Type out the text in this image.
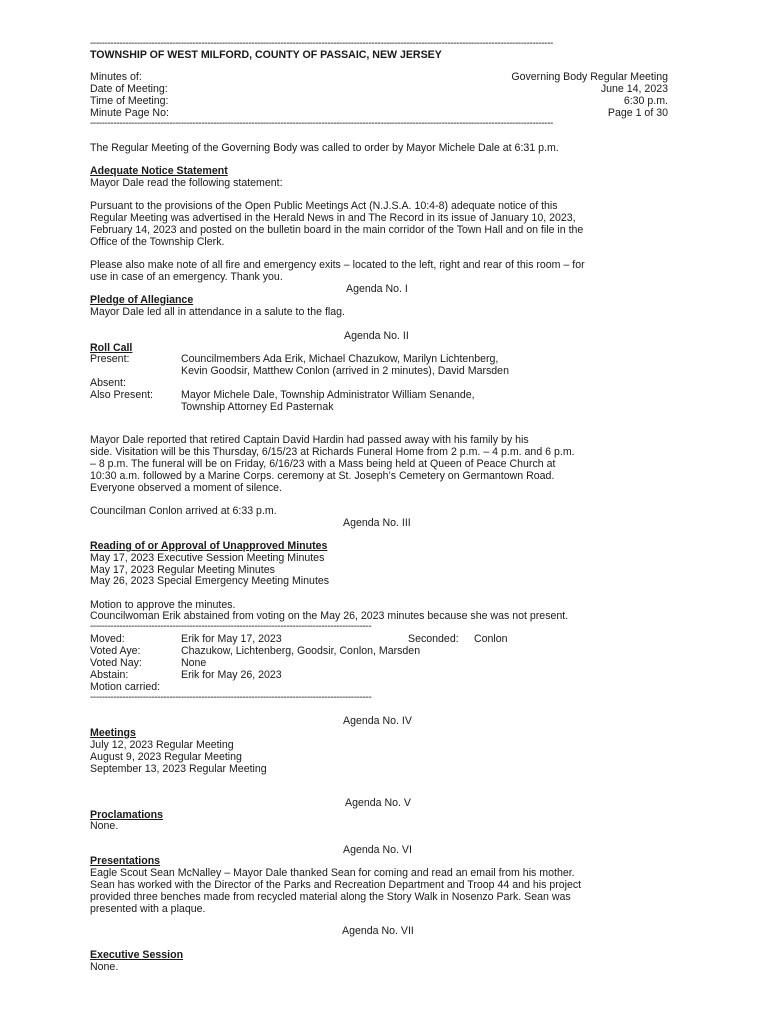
--------------------------------------------------------------------------------------------------------------------------------------------------------------
TOWNSHIP OF WEST MILFORD, COUNTY OF PASSAIC, NEW JERSEY
Minutes of:	Governing Body Regular Meeting
Date of Meeting:	June 14, 2023
Time of Meeting:	6:30 p.m.
Minute Page No:	Page 1 of 30
--------------------------------------------------------------------------------------------------------------------------------------------------------------
The Regular Meeting of the Governing Body was called to order by Mayor Michele Dale at 6:31 p.m.
Adequate Notice Statement
Mayor Dale read the following statement:
Pursuant to the provisions of the Open Public Meetings Act (N.J.S.A. 10:4-8) adequate notice of this
Regular Meeting was advertised in the Herald News in and The Record in its issue of January 10, 2023,
February 14, 2023 and posted on the bulletin board in the main corridor of the Town Hall and on file in the
Office of the Township Clerk.
Please also make note of all fire and emergency exits – located to the left, right and rear of this room – for
use in case of an emergency. Thank you.
Agenda No. I
Pledge of Allegiance
Mayor Dale led all in attendance in a salute to the flag.
Agenda No. II
Roll Call
Present:	Councilmembers Ada Erik, Michael Chazukow, Marilyn Lichtenberg,
Kevin Goodsir, Matthew Conlon (arrived in 2 minutes), David Marsden
Absent:
Also Present:	Mayor Michele Dale, Township Administrator William Senande,
Township Attorney Ed Pasternak
Mayor Dale reported that retired Captain David Hardin had passed away with his family by his
side. Visitation will be this Thursday, 6/15/23 at Richards Funeral Home from 2 p.m. – 4 p.m. and 6 p.m.
– 8 p.m. The funeral will be on Friday, 6/16/23 with a Mass being held at Queen of Peace Church at
10:30 a.m. followed by a Marine Corps. ceremony at St. Joseph’s Cemetery on Germantown Road.
Everyone observed a moment of silence.
Councilman Conlon arrived at 6:33 p.m.
Agenda No. III
Reading of or Approval of Unapproved Minutes
May 17, 2023 Executive Session Meeting Minutes
May 17, 2023 Regular Meeting Minutes
May 26, 2023 Special Emergency Meeting Minutes
Motion to approve the minutes.
Councilwoman Erik abstained from voting on the May 26, 2023 minutes because she was not present.
------------------------------------------------------------------------------------------------
Moved:	Erik for May 17, 2023	Seconded: Conlon
Voted Aye:	Chazukow, Lichtenberg, Goodsir, Conlon, Marsden
Voted Nay:	None
Abstain:	Erik for May 26, 2023
Motion carried:
------------------------------------------------------------------------------------------------
Agenda No. IV
Meetings
July 12, 2023 Regular Meeting
August 9, 2023 Regular Meeting
September 13, 2023 Regular Meeting
Agenda No. V
Proclamations
None.
Agenda No. VI
Presentations
Eagle Scout Sean McNalley – Mayor Dale thanked Sean for coming and read an email from his mother.
Sean has worked with the Director of the Parks and Recreation Department and Troop 44 and his project
provided three benches made from recycled material along the Story Walk in Nosenzo Park. Sean was
presented with a plaque.
Agenda No. VII
Executive Session
None.
